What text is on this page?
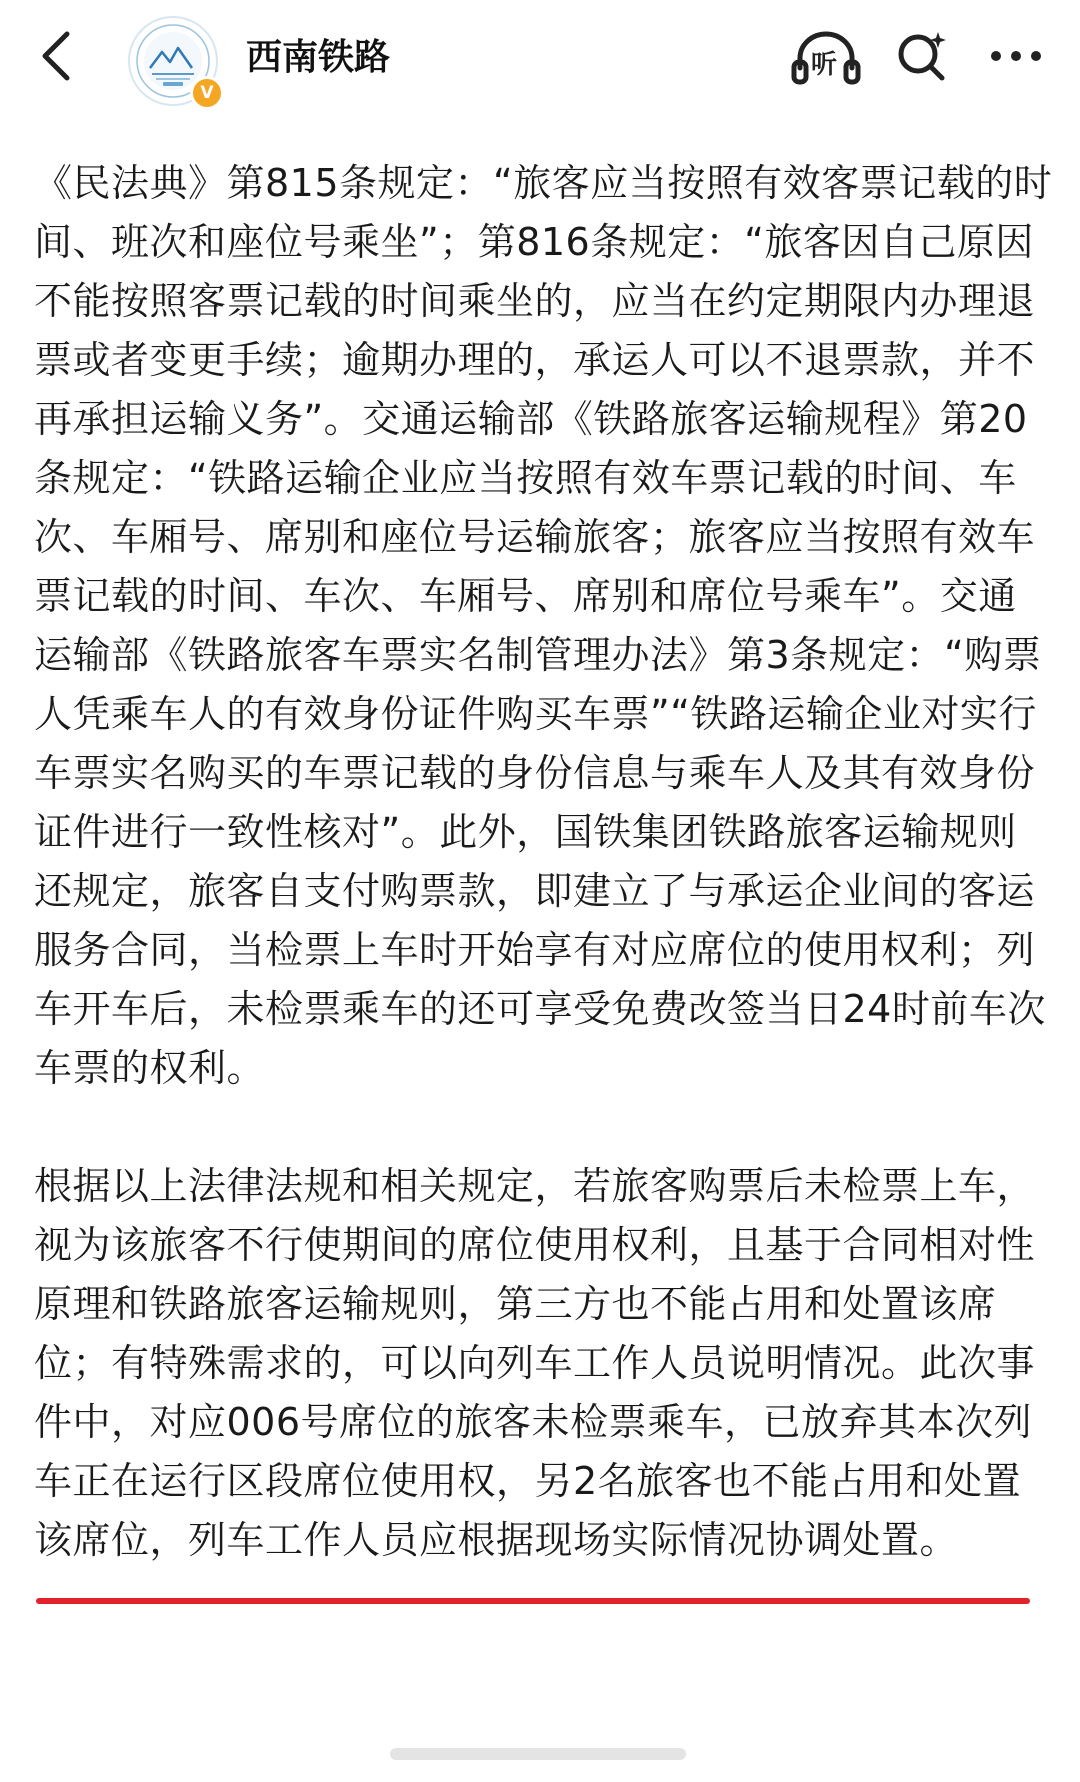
V
西南铁路	听

《民法典》第815条规定：“旅客应当按照有效客票记载的时间、班次和座位号乘坐”；第816条规定：“旅客因自己原因不能按照客票记载的时间乘坐的，应当在约定期限内办理退票或者变更手续；逾期办理的，承运人可以不退票款，并不再承担运输义务”。交通运输部《铁路旅客运输规程》第20条规定：“铁路运输企业应当按照有效车票记载的时间、车次、车厢号、席别和座位号运输旅客；旅客应当按照有效车票记载的时间、车次、车厢号、席别和席位号乘车”。交通运输部《铁路旅客车票实名制管理办法》第3条规定：“购票人凭乘车人的有效身份证件购买车票”“铁路运输企业对实行车票实名购买的车票记载的身份信息与乘车人及其有效身份证件进行一致性核对”。此外，国铁集团铁路旅客运输规则还规定，旅客自支付购票款，即建立了与承运企业间的客运服务合同，当检票上车时开始享有对应席位的使用权利；列车开车后，未检票乘车的还可享受免费改签当日24时前车次车票的权利。

根据以上法律法规和相关规定，若旅客购票后未检票上车，视为该旅客不行使期间的席位使用权利，且基于合同相对性原理和铁路旅客运输规则，第三方也不能占用和处置该席位；有特殊需求的，可以向列车工作人员说明情况。此次事件中，对应006号席位的旅客未检票乘车，已放弃其本次列车正在运行区段席位使用权，另2名旅客也不能占用和处置该席位，列车工作人员应根据现场实际情况协调处置。
